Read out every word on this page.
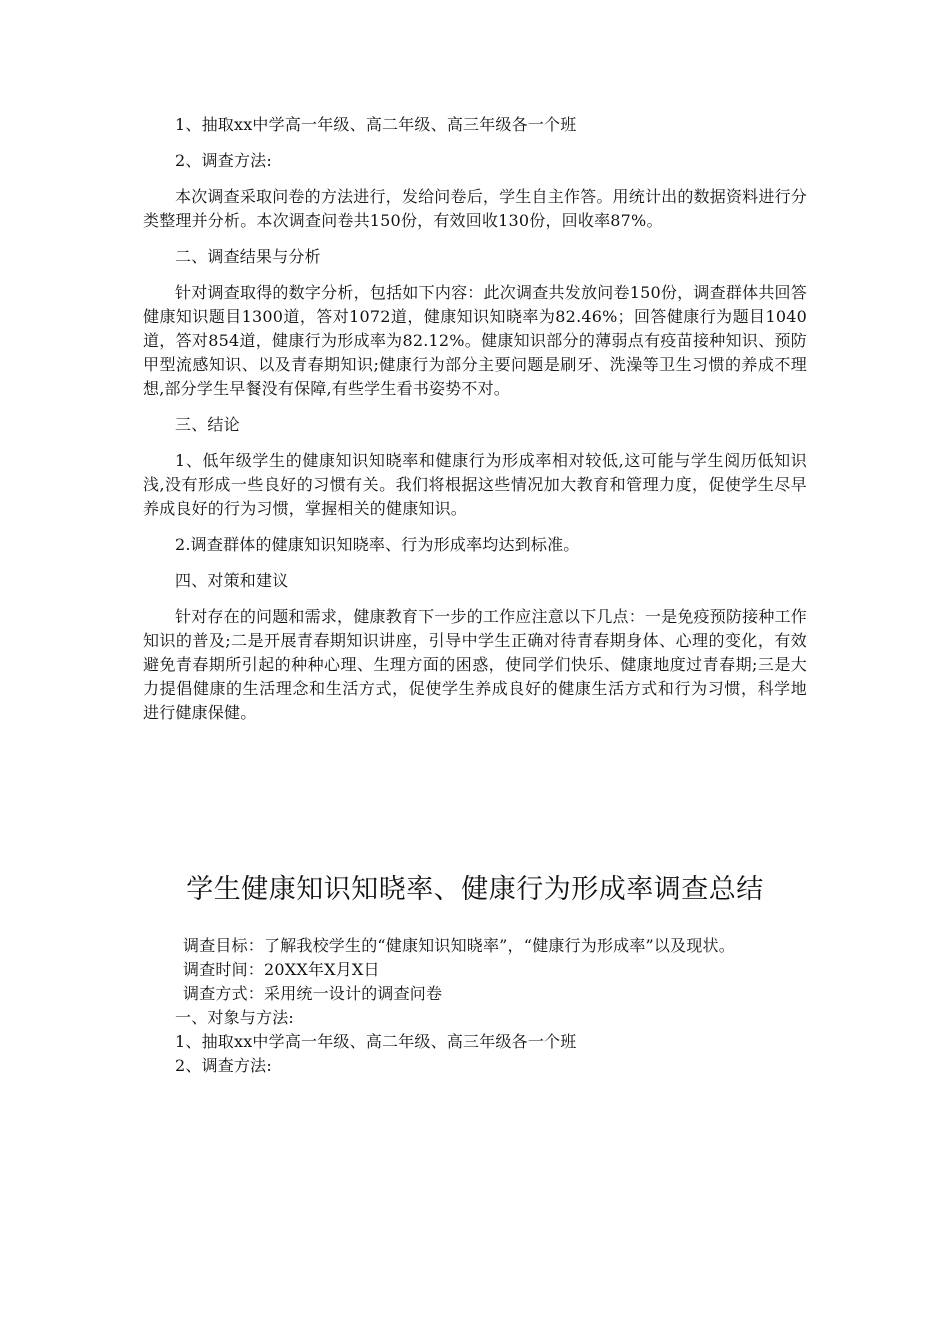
1、抽取xx中学高一年级、高二年级、高三年级各一个班

2、调查方法:

本次调查采取问卷的方法进行，发给问卷后，学生自主作答。用统计出的数据资料进行分类整理并分析。本次调查问卷共150份，有效回收130份，回收率87%。

二、调查结果与分析

针对调查取得的数字分析，包括如下内容：此次调查共发放问卷150份，调查群体共回答健康知识题目1300道，答对1072道，健康知识知晓率为82.46%；回答健康行为题目1040道，答对854道，健康行为形成率为82.12%。健康知识部分的薄弱点有疫苗接种知识、预防甲型流感知识、以及青春期知识;健康行为部分主要问题是刷牙、洗澡等卫生习惯的养成不理想,部分学生早餐没有保障,有些学生看书姿势不对。

三、结论

1、低年级学生的健康知识知晓率和健康行为形成率相对较低,这可能与学生阅历低知识浅,没有形成一些良好的习惯有关。我们将根据这些情况加大教育和管理力度，促使学生尽早养成良好的行为习惯，掌握相关的健康知识。

2.调查群体的健康知识知晓率、行为形成率均达到标准。

四、对策和建议

针对存在的问题和需求，健康教育下一步的工作应注意以下几点：一是免疫预防接种工作知识的普及;二是开展青春期知识讲座，引导中学生正确对待青春期身体、心理的变化，有效避免青春期所引起的种种心理、生理方面的困惑，使同学们快乐、健康地度过青春期;三是大力提倡健康的生活理念和生活方式，促使学生养成良好的健康生活方式和行为习惯，科学地进行健康保健。

学生健康知识知晓率、健康行为形成率调查总结

调查目标：了解我校学生的“健康知识知晓率”，“健康行为形成率”以及现状。

调查时间：20XX年X月X日

调查方式：采用统一设计的调查问卷

一、对象与方法:

1、抽取xx中学高一年级、高二年级、高三年级各一个班

2、调查方法:
